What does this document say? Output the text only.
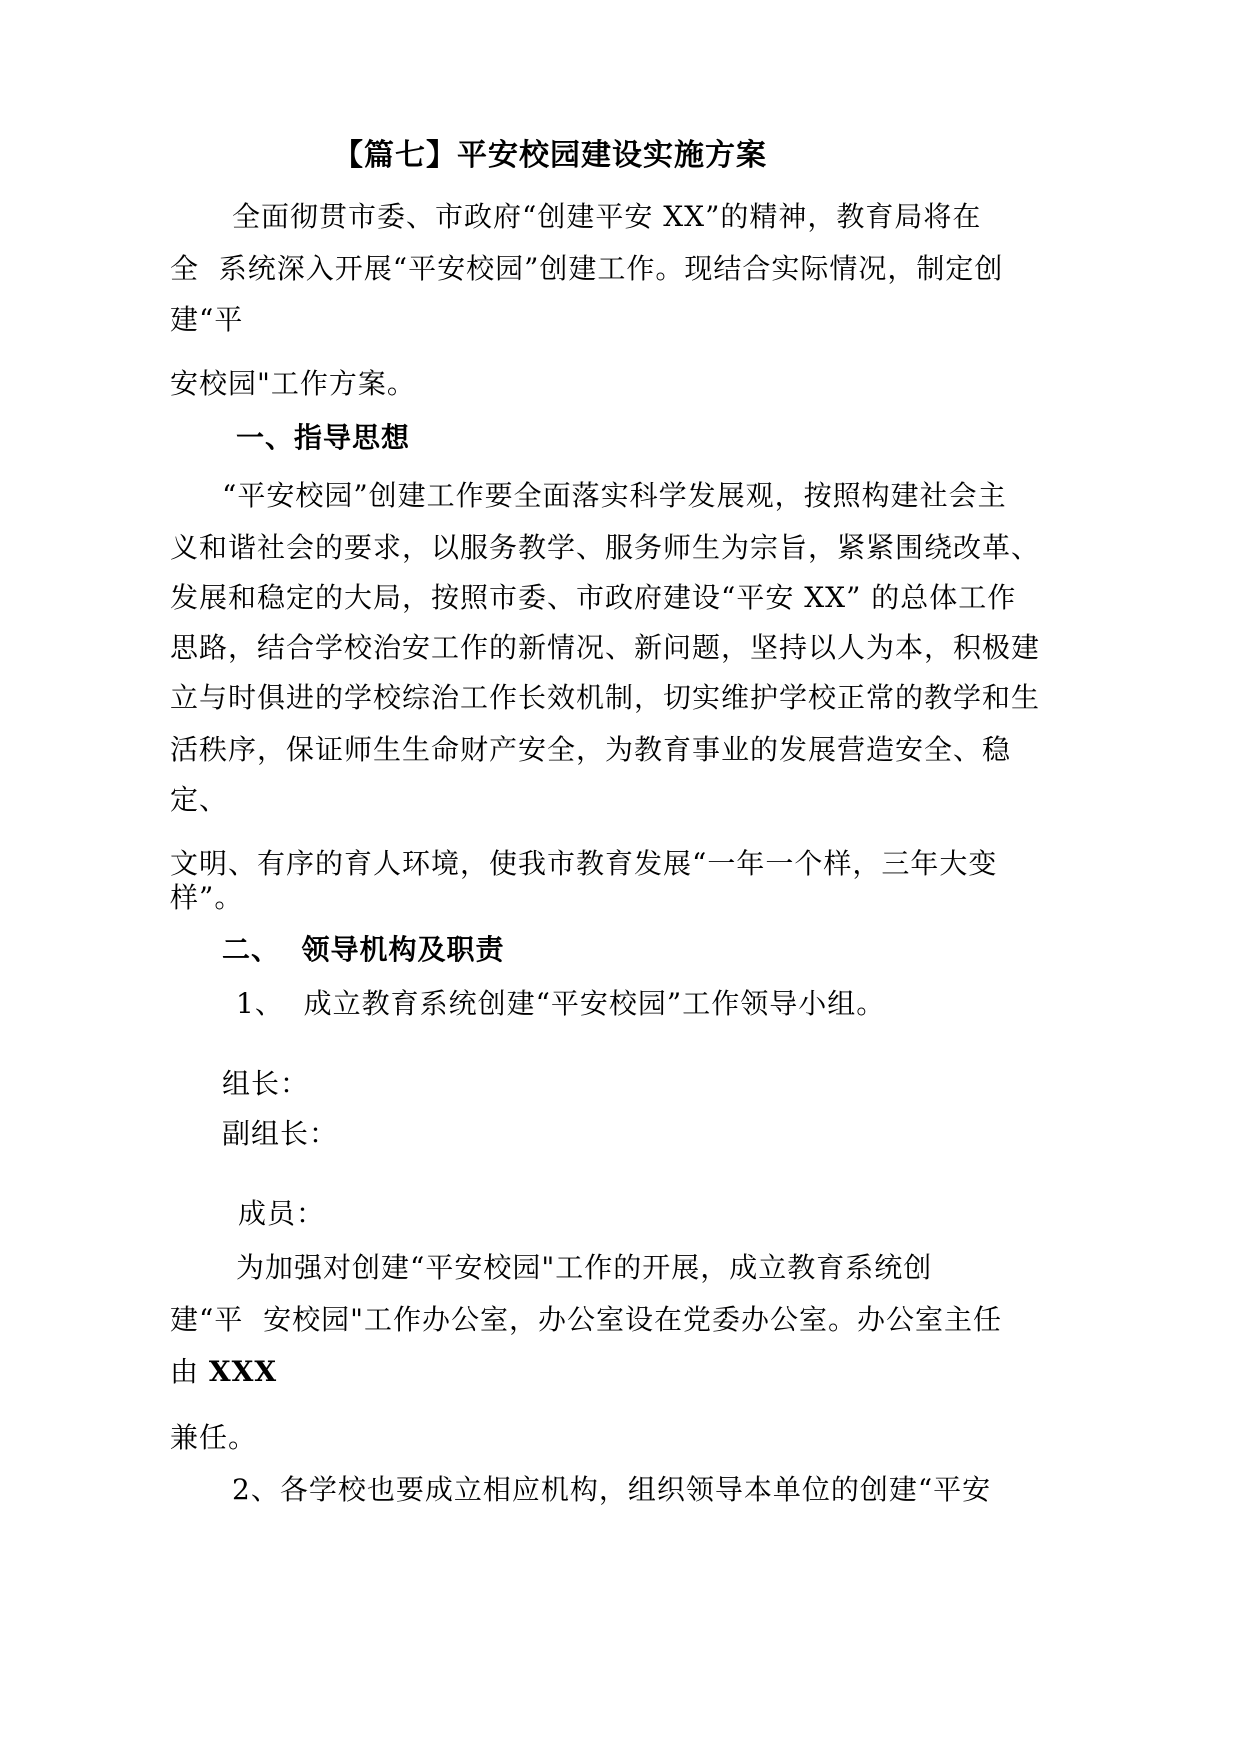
【篇七】平安校园建设实施方案
全面彻贯市委、市政府“创建平安 XX”的精神，教育局将在
全  系统深入开展“平安校园”创建工作。现结合实际情况，制定创
建“平
安校园"工作方案。
一、指导思想
“平安校园”创建工作要全面落实科学发展观，按照构建社会主
义和谐社会的要求，以服务教学、服务师生为宗旨，紧紧围绕改革、
发展和稳定的大局，按照市委、市政府建设“平安 XX” 的总体工作
思路，结合学校治安工作的新情况、新问题，坚持以人为本，积极建
立与时俱进的学校综治工作长效机制，切实维护学校正常的教学和生
活秩序，保证师生生命财产安全，为教育事业的发展营造安全、稳
定、
文明、有序的育人环境，使我市教育发展“一年一个样，三年大变
样”。
二、  领导机构及职责
1、  成立教育系统创建“平安校园”工作领导小组。
组长：
副组长：
成员：
为加强对创建“平安校园"工作的开展，成立教育系统创
建“平  安校园"工作办公室，办公室设在党委办公室。办公室主任
由 XXX
兼任。
2、各学校也要成立相应机构，组织领导本单位的创建“平安
